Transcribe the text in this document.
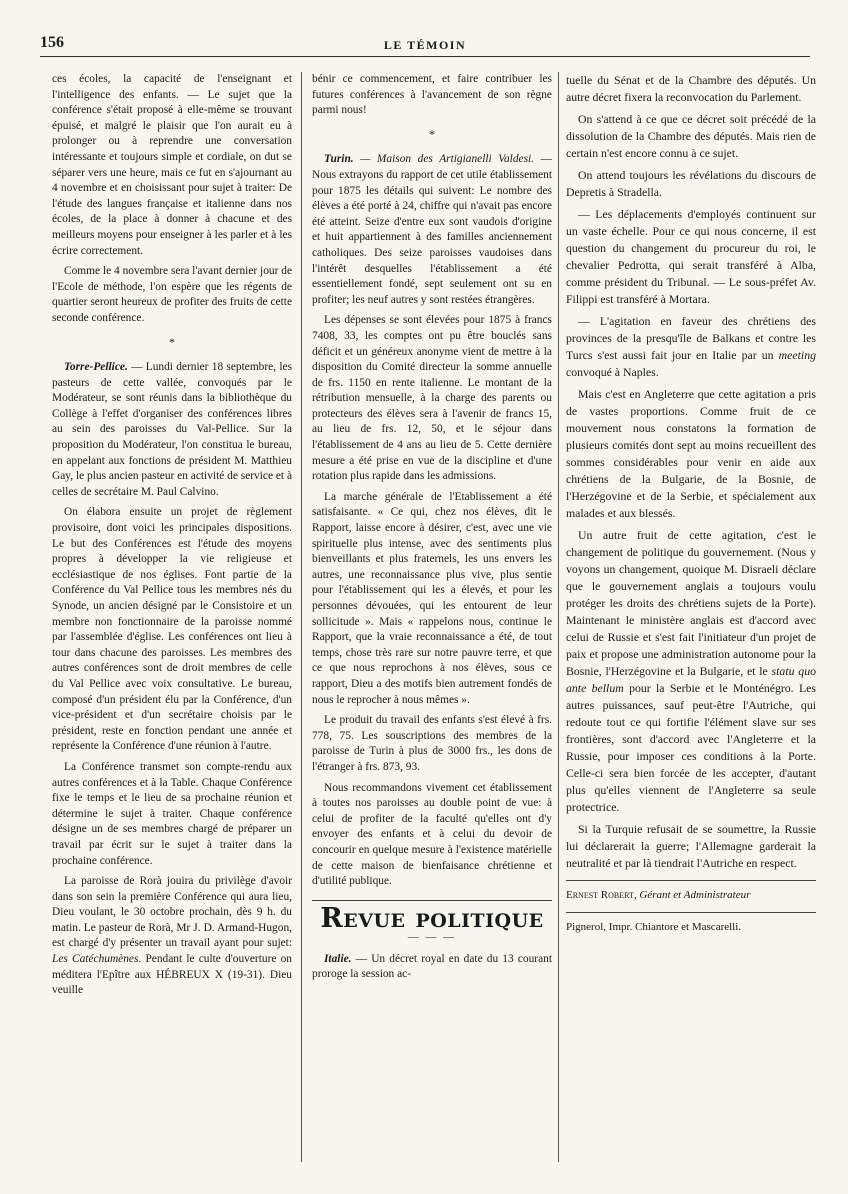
156	LE TÉMOIN

ces écoles, la capacité de l'enseignant et l'intelligence des enfants. — Le sujet que la conférence s'était proposé à elle-même se trouvant épuisé, et malgré le plaisir que l'on aurait eu à prolonger ou à reprendre une conversation intéressante et toujours simple et cordiale, on dut se séparer vers une heure, mais ce fut en s'ajournant au 4 novembre et en choisissant pour sujet à traiter: De l'étude des langues française et italienne dans nos écoles, de la place à donner à chacune et des meilleurs moyens pour enseigner à les parler et à les écrire correctement.

Comme le 4 novembre sera l'avant dernier jour de l'Ecole de méthode, l'on espère que les régents de quartier seront heureux de profiter des fruits de cette seconde conférence.

*

Torre-Pellice. — Lundi dernier 18 septembre, les pasteurs de cette vallée, convoqués par le Modérateur, se sont réunis dans la bibliothèque du Collège à l'effet d'organiser des conférences libres au sein des paroisses du Val-Pellice. Sur la proposition du Modérateur, l'on constitua le bureau, en appelant aux fonctions de président M. Matthieu Gay, le plus ancien pasteur en activité de service et à celles de secrétaire M. Paul Calvino.

On élabora ensuite un projet de règlement provisoire, dont voici les principales dispositions. Le but des Conférences est l'étude des moyens propres à développer la vie religieuse et ecclésiastique de nos églises. Font partie de la Conférence du Val Pellice tous les membres nés du Synode, un ancien désigné par le Consistoire et un membre non fonctionnaire de la paroisse nommé par l'assemblée d'église. Les conférences ont lieu à tour dans chacune des paroisses. Les membres des autres conférences sont de droit membres de celle du Val Pellice avec voix consultative. Le bureau, composé d'un président élu par la Conférence, d'un vice-président et d'un secrétaire choisis par le président, reste en fonction pendant une année et représente la Conférence d'une réunion à l'autre.

La Conférence transmet son compte-rendu aux autres conférences et à la Table. Chaque Conférence fixe le temps et le lieu de sa prochaine réunion et détermine le sujet à traiter. Chaque conférence désigne un de ses membres chargé de préparer un travail par écrit sur le sujet à traiter dans la prochaine conférence.

La paroisse de Rorà jouira du privilège d'avoir dans son sein la première Conférence qui aura lieu, Dieu voulant, le 30 octobre prochain, dès 9 h. du matin. Le pasteur de Rorà, Mr J. D. Armand-Hugon, est chargé d'y présenter un travail ayant pour sujet: Les Catéchumènes. Pendant le culte d'ouverture on méditera l'Epître aux HÉBREUX X (19-31). Dieu veuille

bénir ce commencement, et faire contribuer les futures conférences à l'avancement de son règne parmi nous!

*

Turin. — Maison des Artigianelli Valdesi. — Nous extrayons du rapport de cet utile établissement pour 1875 les détails qui suivent: Le nombre des élèves a été porté à 24, chiffre qui n'avait pas encore été atteint. Seize d'entre eux sont vaudois d'origine et huit appartiennent à des familles anciennement catholiques. Des seize paroisses vaudoises dans l'intérêt desquelles l'établissement a été essentiellement fondé, sept seulement ont su en profiter; les neuf autres y sont restées étrangères.

Les dépenses se sont élevées pour 1875 à francs 7408, 33, les comptes ont pu être bouclés sans déficit et un généreux anonyme vient de mettre à la disposition du Comité directeur la somme annuelle de frs. 1150 en rente italienne. Le montant de la rétribution mensuelle, à la charge des parents ou protecteurs des élèves sera à l'avenir de francs 15, au lieu de frs. 12, 50, et le séjour dans l'établissement de 4 ans au lieu de 5. Cette dernière mesure a été prise en vue de la discipline et d'une rotation plus rapide dans les admissions.

La marche générale de l'Etablissement a été satisfaisante. « Ce qui, chez nos élèves, dit le Rapport, laisse encore à désirer, c'est, avec une vie spirituelle plus intense, avec des sentiments plus bienveillants et plus fraternels, les uns envers les autres, une reconnaissance plus vive, plus sentie pour l'établissement qui les a élevés, et pour les personnes dévouées, qui les entourent de leur sollicitude ». Mais « rappelons nous, continue le Rapport, que la vraie reconnaissance a été, de tout temps, chose très rare sur notre pauvre terre, et que ce que nous reprochons à nos élèves, sous ce rapport, Dieu a des motifs bien autrement fondés de nous le reprocher à nous mêmes ».

Le produit du travail des enfants s'est élevé à frs. 778, 75. Les souscriptions des membres de la paroisse de Turin à plus de 3000 frs., les dons de l'étranger à frs. 873, 93.

Nous recommandons vivement cet établissement à toutes nos paroisses au double point de vue: à celui de profiter de la faculté qu'elles ont d'y envoyer des enfants et à celui du devoir de concourir en quelque mesure à l'existence matérielle de cette maison de bienfaisance chrétienne et d'utilité publique.

Revue politique
— — —

Italie. — Un décret royal en date du 13 courant proroge la session ac-

tuelle du Sénat et de la Chambre des députés. Un autre décret fixera la reconvocation du Parlement.

On s'attend à ce que ce décret soit précédé de la dissolution de la Chambre des députés. Mais rien de certain n'est encore connu à ce sujet.

On attend toujours les révélations du discours de Depretis à Stradella.

— Les déplacements d'employés continuent sur un vaste échelle. Pour ce qui nous concerne, il est question du changement du procureur du roi, le chevalier Pedrotta, qui serait transféré à Alba, comme président du Tribunal. — Le sous-préfet Av. Filippi est transféré à Mortara.

— L'agitation en faveur des chrétiens des provinces de la presqu'île de Balkans et contre les Turcs s'est aussi fait jour en Italie par un meeting convoqué à Naples.

Mais c'est en Angleterre que cette agitation a pris de vastes proportions. Comme fruit de ce mouvement nous constatons la formation de plusieurs comités dont sept au moins recueillent des sommes considérables pour venir en aide aux chrétiens de la Bulgarie, de la Bosnie, de l'Herzégovine et de la Serbie, et spécialement aux malades et aux blessés.

Un autre fruit de cette agitation, c'est le changement de politique du gouvernement. (Nous y voyons un changement, quoique M. Disraeli déclare que le gouvernement anglais a toujours voulu protéger les droits des chrétiens sujets de la Porte). Maintenant le ministère anglais est d'accord avec celui de Russie et s'est fait l'initiateur d'un projet de paix et propose une administration autonome pour la Bosnie, l'Herzégovine et la Bulgarie, et le statu quo ante bellum pour la Serbie et le Monténégro. Les autres puissances, sauf peut-être l'Autriche, qui redoute tout ce qui fortifie l'élément slave sur ses frontières, sont d'accord avec l'Angleterre et la Russie, pour imposer ces conditions à la Porte. Celle-ci sera bien forcée de les accepter, d'autant plus qu'elles viennent de l'Angleterre sa seule protectrice.

Si la Turquie refusait de se soumettre, la Russie lui déclarerait la guerre; l'Allemagne garderait la neutralité et par là tiendrait l'Autriche en respect.

Ernest Robert, Gérant et Administrateur

Pignerol, Impr. Chiantore et Mascarelli.
